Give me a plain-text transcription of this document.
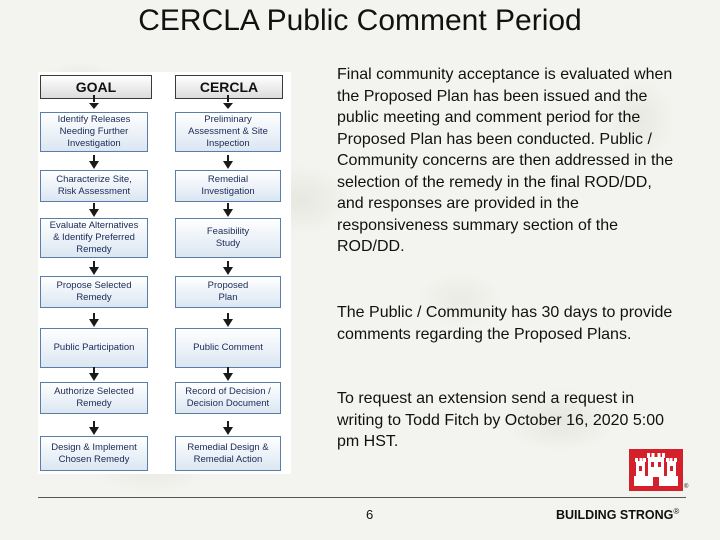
CERCLA Public Comment Period
GOAL	CERCLA
Identify Releases
Needing Further
Investigation
Characterize Site,
Risk Assessment
Evaluate Alternatives
& Identify Preferred
Remedy
Propose Selected
Remedy
Public Participation
Authorize Selected
Remedy
Design & Implement
Chosen Remedy
Preliminary
Assessment & Site
Inspection
Remedial
Investigation
Feasibility
Study
Proposed
Plan
Public Comment
Record of Decision /
Decision Document
Remedial Design &
Remedial Action

Final community acceptance is evaluated when the Proposed Plan has been issued and the public meeting and comment period for the Proposed Plan has been conducted. Public / Community concerns are then addressed in the selection of the remedy in the final ROD/DD, and responses are provided in the responsiveness summary section of the ROD/DD.

The Public / Community has 30 days to provide comments regarding the Proposed Plans.

To request an extension send a request in writing to Todd Fitch by October 16, 2020 5:00 pm HST.

®
6	BUILDING STRONG®
